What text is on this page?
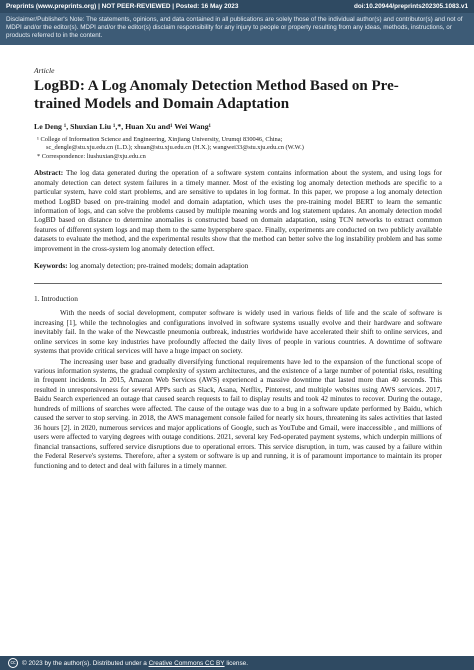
Preprints (www.preprints.org) | NOT PEER-REVIEWED | Posted: 16 May 2023	doi:10.20944/preprints202305.1083.v1
Disclaimer/Publisher's Note: The statements, opinions, and data contained in all publications are solely those of the individual author(s) and contributor(s) and not of MDPI and/or the editor(s). MDPI and/or the editor(s) disclaim responsibility for any injury to people or property resulting from any ideas, methods, instructions, or products referred to in the content.
Article
LogBD: A Log Anomaly Detection Method Based on Pre-trained Models and Domain Adaptation
Le Deng ¹, Shuxian Liu ¹,*, Huan Xu and¹ Wei Wang¹
¹ College of Information Science and Engineering, Xinjiang University, Urumqi 830046, China;
sc_dengle@stu.xju.edu.cn (L.D.); xhuan@stu.xju.edu.cn (H.X.); wangwei33@stu.xju.edu.cn (W.W.)
* Correspondence: liushuxian@xju.edu.cn
Abstract: The log data generated during the operation of a software system contains information about the system, and using logs for anomaly detection can detect system failures in a timely manner. Most of the existing log anomaly detection methods are specific to a particular system, have cold start problems, and are sensitive to updates in log format. In this paper, we propose a log anomaly detection method LogBD based on pre-training model and domain adaptation, which uses the pre-training model BERT to learn the semantic information of logs, and can solve the problems caused by multiple meaning words and log statement updates. An anomaly detection model LogBD based on distance to determine anomalies is constructed based on domain adaptation, using TCN networks to extract common features of different system logs and map them to the same hypersphere space. Finally, experiments are conducted on two publicly available datasets to evaluate the method, and the experimental results show that the method can better solve the log instability problem and has some improvement in the cross-system log anomaly detection effect.
Keywords: log anomaly detection; pre-trained models; domain adaptation
1. Introduction

With the needs of social development, computer software is widely used in various fields of life and the scale of software is increasing [1], while the technologies and configurations involved in software systems usually evolve and their hardware and software inevitably fail. In the wake of the Newcastle pneumonia outbreak, industries worldwide have accelerated their shift to online services, and online services in some key industries have profoundly affected the daily lives of people in various countries. A downtime of software systems that provide critical services will have a huge impact on society.

The increasing user base and gradually diversifying functional requirements have led to the expansion of the functional scope of various information systems, the gradual complexity of system architectures, and the existence of a large number of potential risks, resulting in frequent incidents. In 2015, Amazon Web Services (AWS) experienced a massive downtime that lasted more than 40 seconds. This resulted in unresponsiveness for several APPs such as Slack, Asana, Netflix, Pinterest, and multiple websites using AWS services. 2017, Baidu Search experienced an outage that caused search requests to fail to display results and took 42 minutes to recover. During the outage, hundreds of millions of searches were affected. The cause of the outage was due to a bug in a software update performed by Baidu, which caused the server to stop serving. in 2018, the AWS management console failed for nearly six hours, threatening its sales activities that lasted 36 hours [2]. in 2020, numerous services and major applications of Google, such as YouTube and Gmail, were inaccessible , and millions of users were affected to varying degrees with outage conditions. 2021, several key Fed-operated payment systems, which underpin millions of financial transactions, suffered service disruptions due to operational errors. This service disruption, in turn, was caused by a failure within the Federal Reserve's systems. Therefore, after a system or software is up and running, it is of paramount importance to maintain its proper functioning and to detect and deal with failures in a timely manner.

cc	© 2023 by the author(s). Distributed under a
Creative Commons CC BY
license.
